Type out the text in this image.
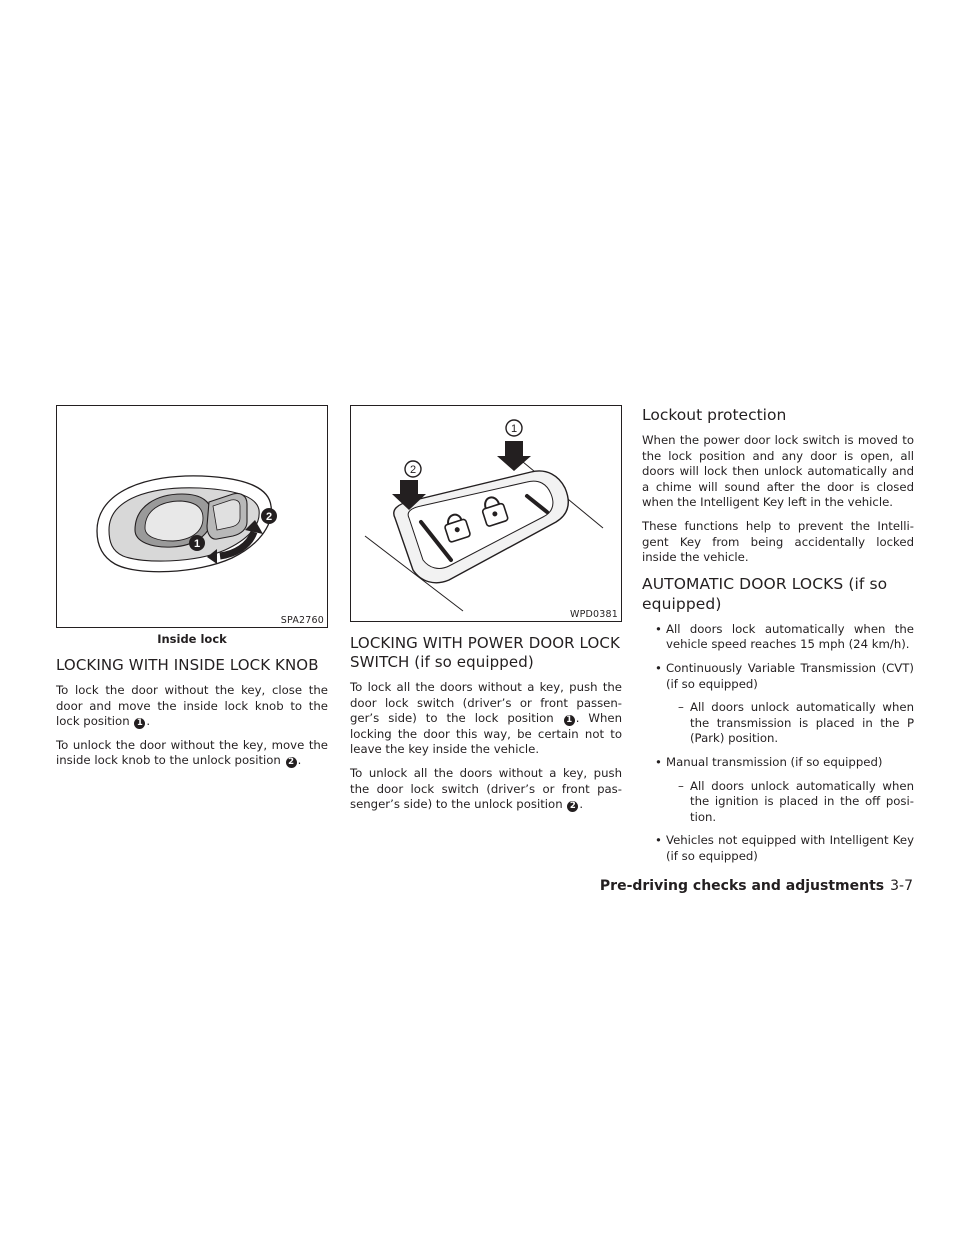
1
2
SPA2760
Inside lock
LOCKING WITH INSIDE LOCK KNOB

To lock the door without the key, close the door and move the inside lock knob to the lock position 1 .

To unlock the door without the key, move the inside lock knob to the unlock position 2 .

2
1
WPD0381
LOCKING WITH POWER DOOR LOCK SWITCH (if so equipped)

To lock all the doors without a key, push the door lock switch (driver’s or front passen-ger’s side) to the lock position 1 . When locking the door this way, be certain not to leave the key inside the vehicle.

To unlock all the doors without a key, push the door lock switch (driver’s or front pas-senger’s side) to the unlock position 2 .

Lockout protection

When the power door lock switch is moved to the lock position and any door is open, all doors will lock then unlock automatically and a chime will sound after the door is closed when the Intelligent Key left in the vehicle.

These functions help to prevent the Intelli-gent Key from being accidentally locked inside the vehicle.

AUTOMATIC DOOR LOCKS (if so equipped)
• All doors lock automatically when the vehicle speed reaches 15 mph (24 km/h).
• Continuously Variable Transmission (CVT) (if so equipped)
– All doors unlock automatically when the transmission is placed in the P (Park) position.
• Manual transmission (if so equipped)
– All doors unlock automatically when the ignition is placed in the off posi-tion.
• Vehicles not equipped with Intelligent Key (if so equipped)
Pre-driving checks and adjustments 3-7
